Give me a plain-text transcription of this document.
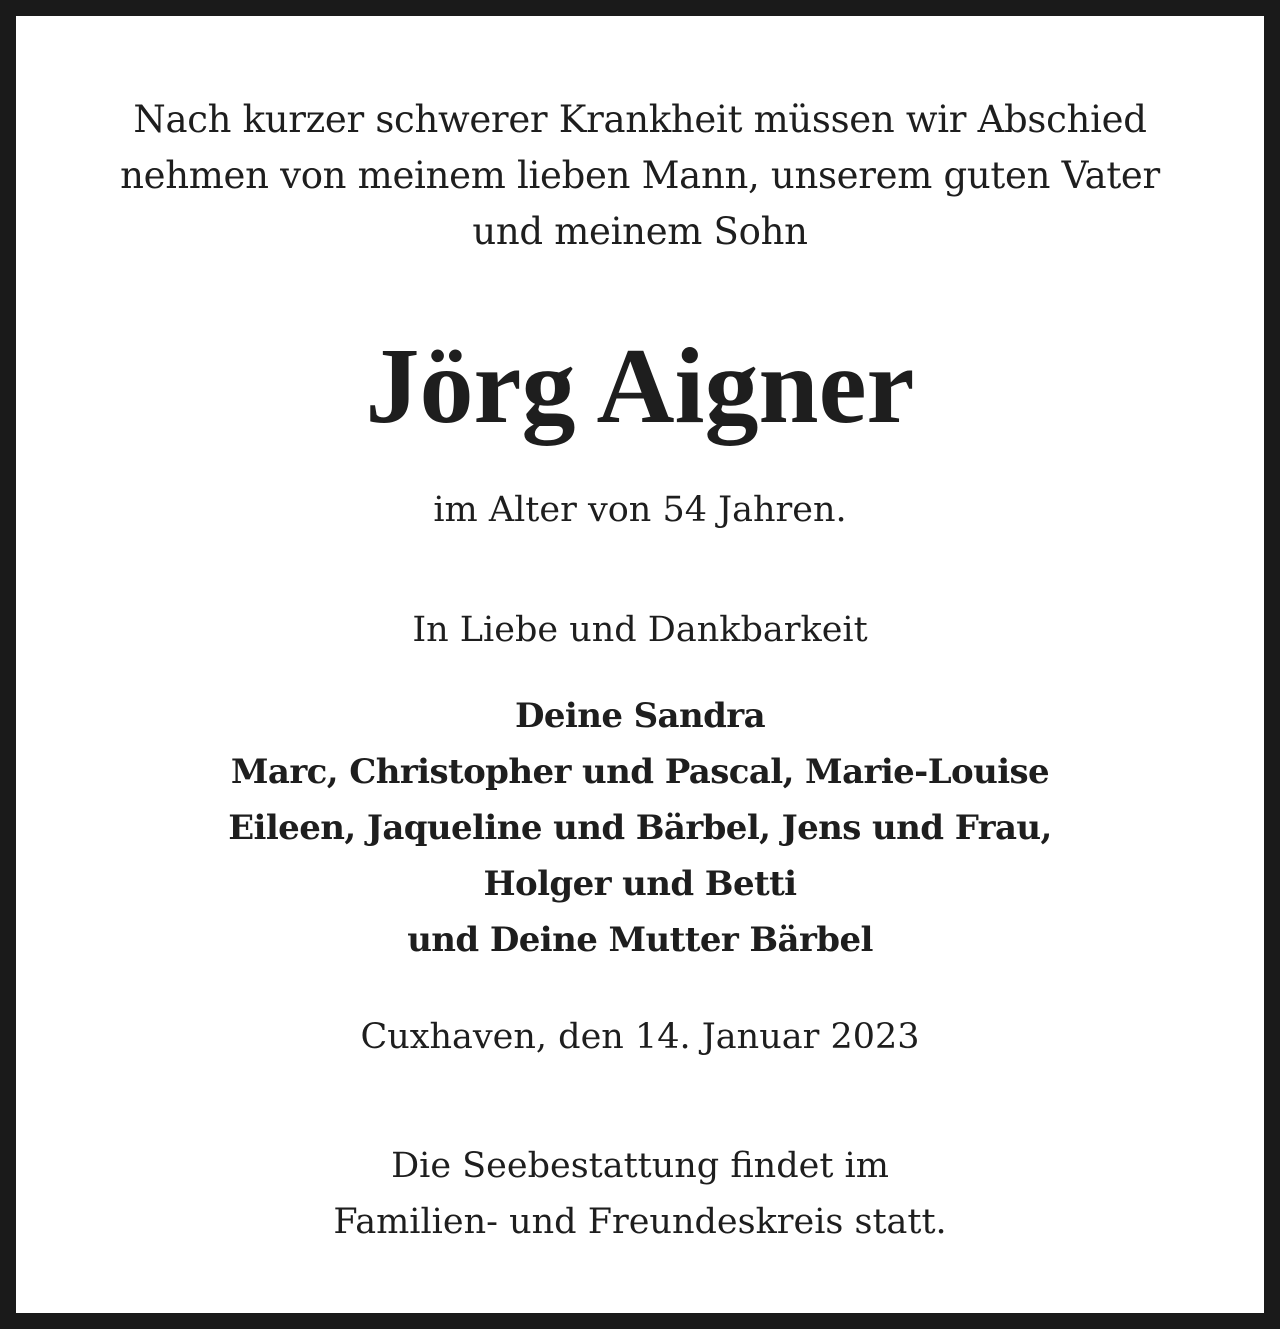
Nach kurzer schwerer Krankheit müssen wir Abschied
nehmen von meinem lieben Mann, unserem guten Vater
und meinem Sohn

Jörg Aigner

im Alter von 54 Jahren.

In Liebe und Dankbarkeit

Deine Sandra
Marc, Christopher und Pascal, Marie-Louise
Eileen, Jaqueline und Bärbel, Jens und Frau,
Holger und Betti
und Deine Mutter Bärbel

Cuxhaven, den 14. Januar 2023

Die Seebestattung findet im
Familien- und Freundeskreis statt.
